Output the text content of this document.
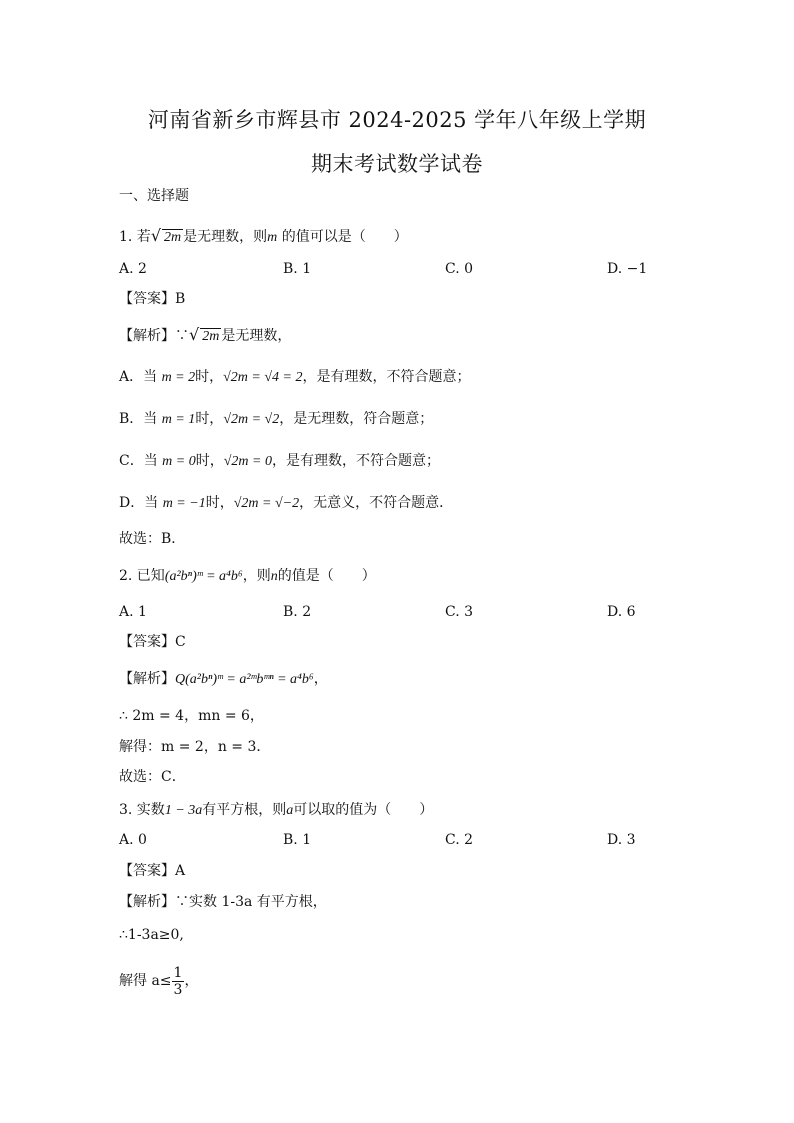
河南省新乡市辉县市 2024-2025 学年八年级上学期
期末考试数学试卷
一、选择题
1. 若√ 2m 是无理数，则m 的值可以是（　　）
A. 2	B. 1	C. 0	D. −1
【答案】B
【解析】∵√ 2m 是无理数，
A．当 m = 2时，√2m = √4 = 2，是有理数，不符合题意；
B．当 m = 1时，√2m = √2，是无理数，符合题意；
C．当 m = 0时，√2m = 0，是有理数，不符合题意；
D．当 m = −1时，√2m = √−2，无意义，不符合题意．
故选：B．
2. 已知(a²bⁿ)ᵐ = a⁴b⁶，则n的值是（　　）
A. 1	B. 2	C. 3	D. 6
【答案】C
【解析】Q(a²bⁿ)ᵐ = a²ᵐbᵐⁿ = a⁴b⁶，
∴ 2m = 4，mn = 6，
解得：m = 2，n = 3．
故选：C．
3. 实数1 − 3a有平方根，则a可以取的值为（　　）
A. 0	B. 1	C. 2	D. 3
【答案】A
【解析】∵实数 1-3a 有平方根，
∴1-3a≥0,
解得 $a\le \frac{1}{3}$ ，
